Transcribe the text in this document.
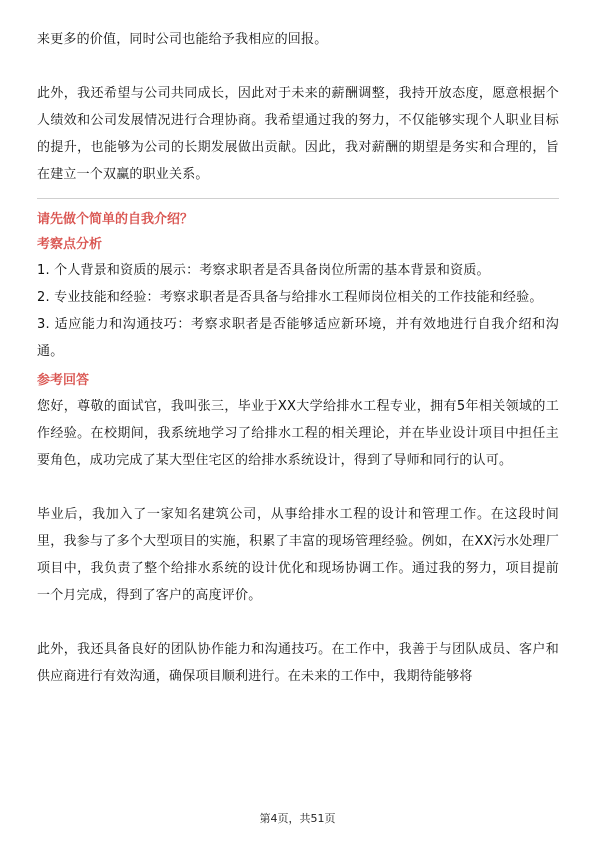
来更多的价值，同时公司也能给予我相应的回报。

此外，我还希望与公司共同成长，因此对于未来的薪酬调整，我持开放态度，愿意根据个人绩效和公司发展情况进行合理协商。我希望通过我的努力，不仅能够实现个人职业目标的提升，也能够为公司的长期发展做出贡献。因此，我对薪酬的期望是务实和合理的，旨在建立一个双赢的职业关系。

请先做个简单的自我介绍？
考察点分析

1. 个人背景和资质的展示：考察求职者是否具备岗位所需的基本背景和资质。

2. 专业技能和经验：考察求职者是否具备与给排水工程师岗位相关的工作技能和经验。

3. 适应能力和沟通技巧：考察求职者是否能够适应新环境，并有效地进行自我介绍和沟通。

参考回答

您好，尊敬的面试官，我叫张三，毕业于XX大学给排水工程专业，拥有5年相关领域的工作经验。在校期间，我系统地学习了给排水工程的相关理论，并在毕业设计项目中担任主要角色，成功完成了某大型住宅区的给排水系统设计，得到了导师和同行的认可。

毕业后，我加入了一家知名建筑公司，从事给排水工程的设计和管理工作。在这段时间里，我参与了多个大型项目的实施，积累了丰富的现场管理经验。例如，在XX污水处理厂项目中，我负责了整个给排水系统的设计优化和现场协调工作。通过我的努力，项目提前一个月完成，得到了客户的高度评价。

此外，我还具备良好的团队协作能力和沟通技巧。在工作中，我善于与团队成员、客户和供应商进行有效沟通，确保项目顺利进行。在未来的工作中，我期待能够将

第4页，共51页
